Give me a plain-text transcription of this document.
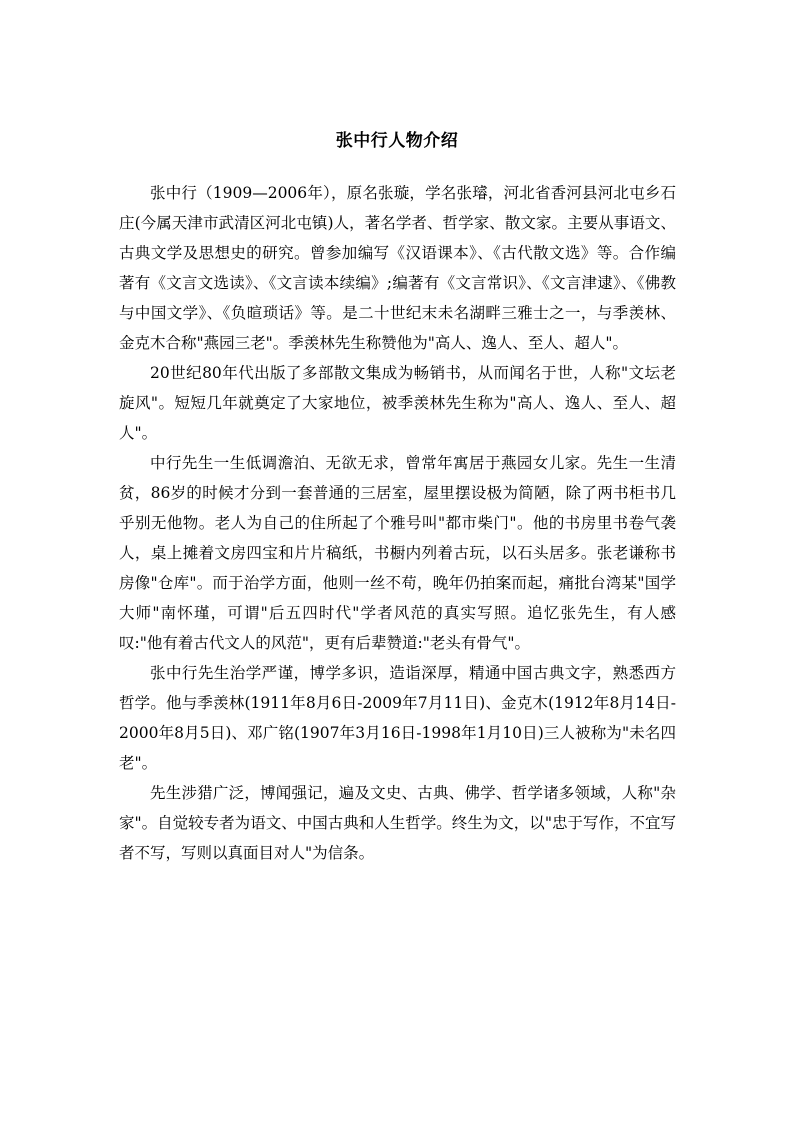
张中行人物介绍

张中行（1909—2006年），原名张璇，学名张璿，河北省香河县河北屯乡石庄(今属天津市武清区河北屯镇)人，著名学者、哲学家、散文家。主要从事语文、古典文学及思想史的研究。曾参加编写《汉语课本》、《古代散文选》等。合作编著有《文言文选读》、《文言读本续编》;编著有《文言常识》、《文言津逮》、《佛教与中国文学》、《负暄琐话》等。是二十世纪末未名湖畔三雅士之一，与季羡林、金克木合称"燕园三老"。季羡林先生称赞他为"高人、逸人、至人、超人"。

20世纪80年代出版了多部散文集成为畅销书，从而闻名于世，人称"文坛老旋风"。短短几年就奠定了大家地位，被季羡林先生称为"高人、逸人、至人、超人"。

中行先生一生低调澹泊、无欲无求，曾常年寓居于燕园女儿家。先生一生清贫，86岁的时候才分到一套普通的三居室，屋里摆设极为简陋，除了两书柜书几乎别无他物。老人为自己的住所起了个雅号叫"都市柴门"。他的书房里书卷气袭人，桌上摊着文房四宝和片片稿纸，书橱内列着古玩，以石头居多。张老谦称书房像"仓库"。而于治学方面，他则一丝不苟，晚年仍拍案而起，痛批台湾某"国学大师"南怀瑾，可谓"后五四时代"学者风范的真实写照。追忆张先生，有人感叹:"他有着古代文人的风范"，更有后辈赞道:"老头有骨气"。

张中行先生治学严谨，博学多识，造诣深厚，精通中国古典文字，熟悉西方哲学。他与季羡林(1911年8月6日-2009年7月11日)、金克木(1912年8月14日-2000年8月5日)、邓广铭(1907年3月16日-1998年1月10日)三人被称为"未名四老"。

先生涉猎广泛，博闻强记，遍及文史、古典、佛学、哲学诸多领域，人称"杂家"。自觉较专者为语文、中国古典和人生哲学。终生为文，以"忠于写作，不宜写者不写，写则以真面目对人"为信条。
